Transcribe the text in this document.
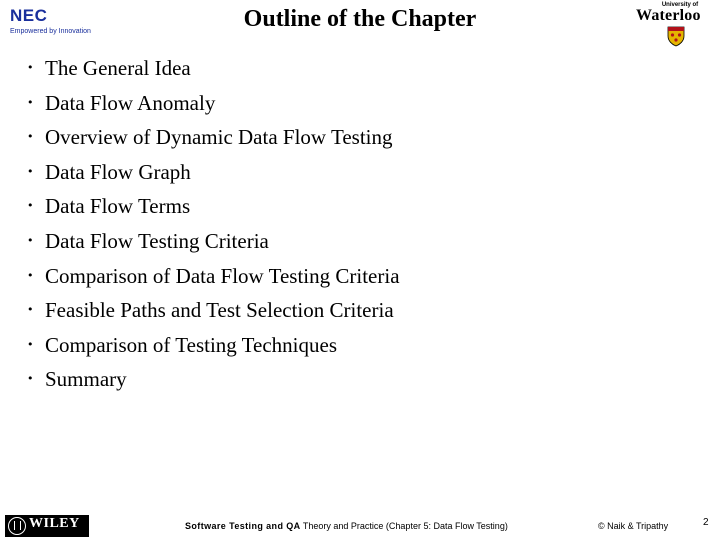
NEC
Empowered by Innovation	Outline of the Chapter
University of
Waterloo
• The General Idea
• Data Flow Anomaly
• Overview of Dynamic Data Flow Testing
• Data Flow Graph
• Data Flow Terms
• Data Flow Testing Criteria
• Comparison of Data Flow Testing Criteria
• Feasible Paths and Test Selection Criteria
• Comparison of Testing Techniques
• Summary
WILEY	Software Testing and QA Theory and Practice (Chapter 5: Data Flow Testing)	© Naik & Tripathy	2
